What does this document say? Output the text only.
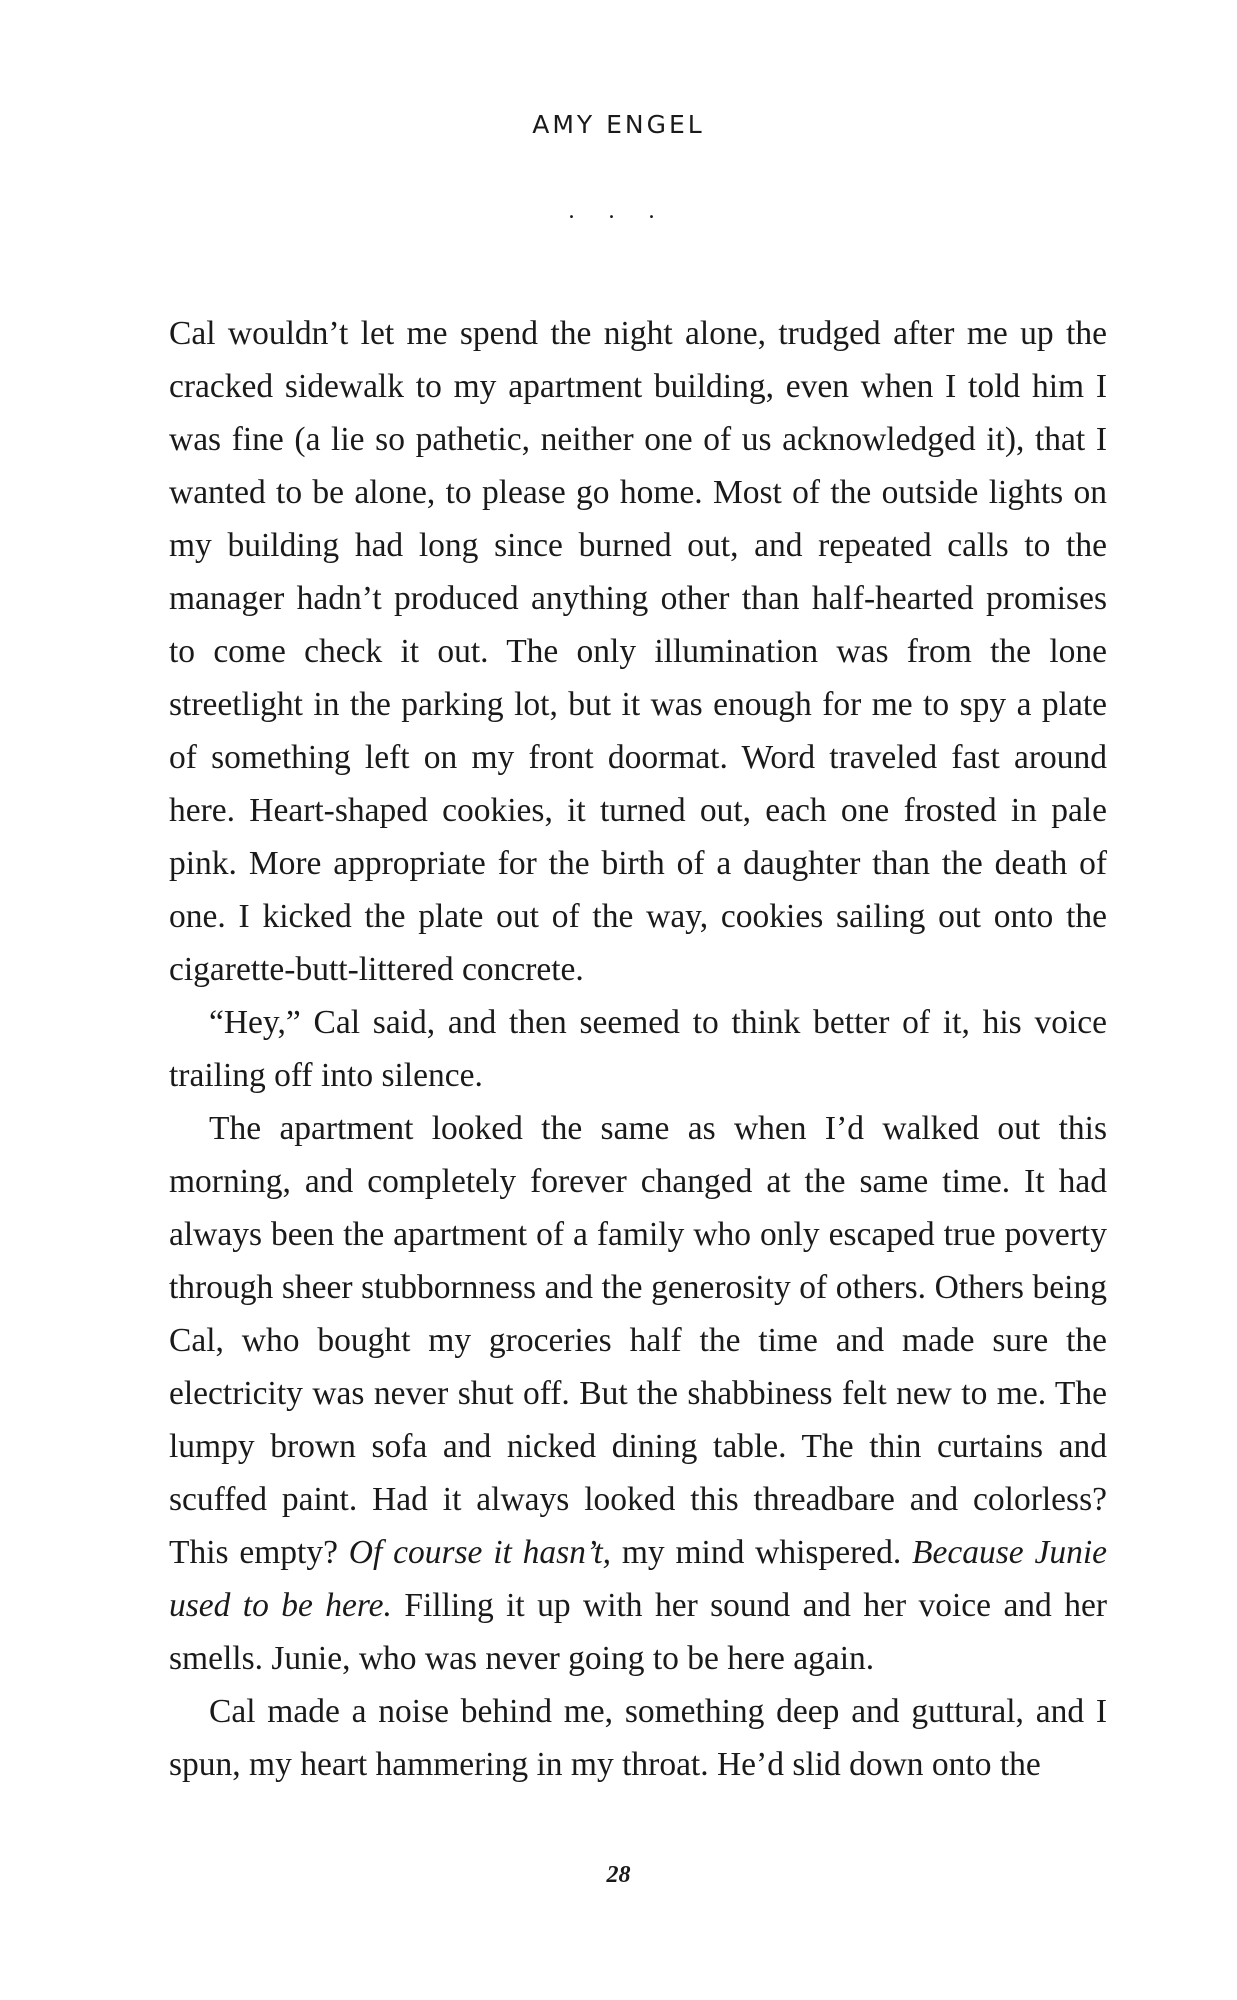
AMY ENGEL
. . .

Cal wouldn’t let me spend the night alone, trudged after me up the cracked sidewalk to my apartment building, even when I told him I was fine (a lie so pathetic, neither one of us acknowledged it), that I wanted to be alone, to please go home. Most of the outside lights on my building had long since burned out, and repeated calls to the manager hadn’t produced anything other than half-hearted promises to come check it out. The only illumination was from the lone streetlight in the parking lot, but it was enough for me to spy a plate of something left on my front doormat. Word traveled fast around here. Heart-shaped cookies, it turned out, each one frosted in pale pink. More appropriate for the birth of a daughter than the death of one. I kicked the plate out of the way, cookies sailing out onto the cigarette-butt-littered concrete.

“Hey,” Cal said, and then seemed to think better of it, his voice trailing off into silence.

The apartment looked the same as when I’d walked out this morning, and completely forever changed at the same time. It had always been the apartment of a family who only escaped true poverty through sheer stubbornness and the generosity of others. Others being Cal, who bought my groceries half the time and made sure the electricity was never shut off. But the shabbiness felt new to me. The lumpy brown sofa and nicked dining table. The thin curtains and scuffed paint. Had it always looked this threadbare and colorless? This empty? Of course it hasn’t, my mind whispered. Because Junie used to be here. Filling it up with her sound and her voice and her smells. Junie, who was never going to be here again.

Cal made a noise behind me, something deep and guttural, and I spun, my heart hammering in my throat. He’d slid down onto the

28
